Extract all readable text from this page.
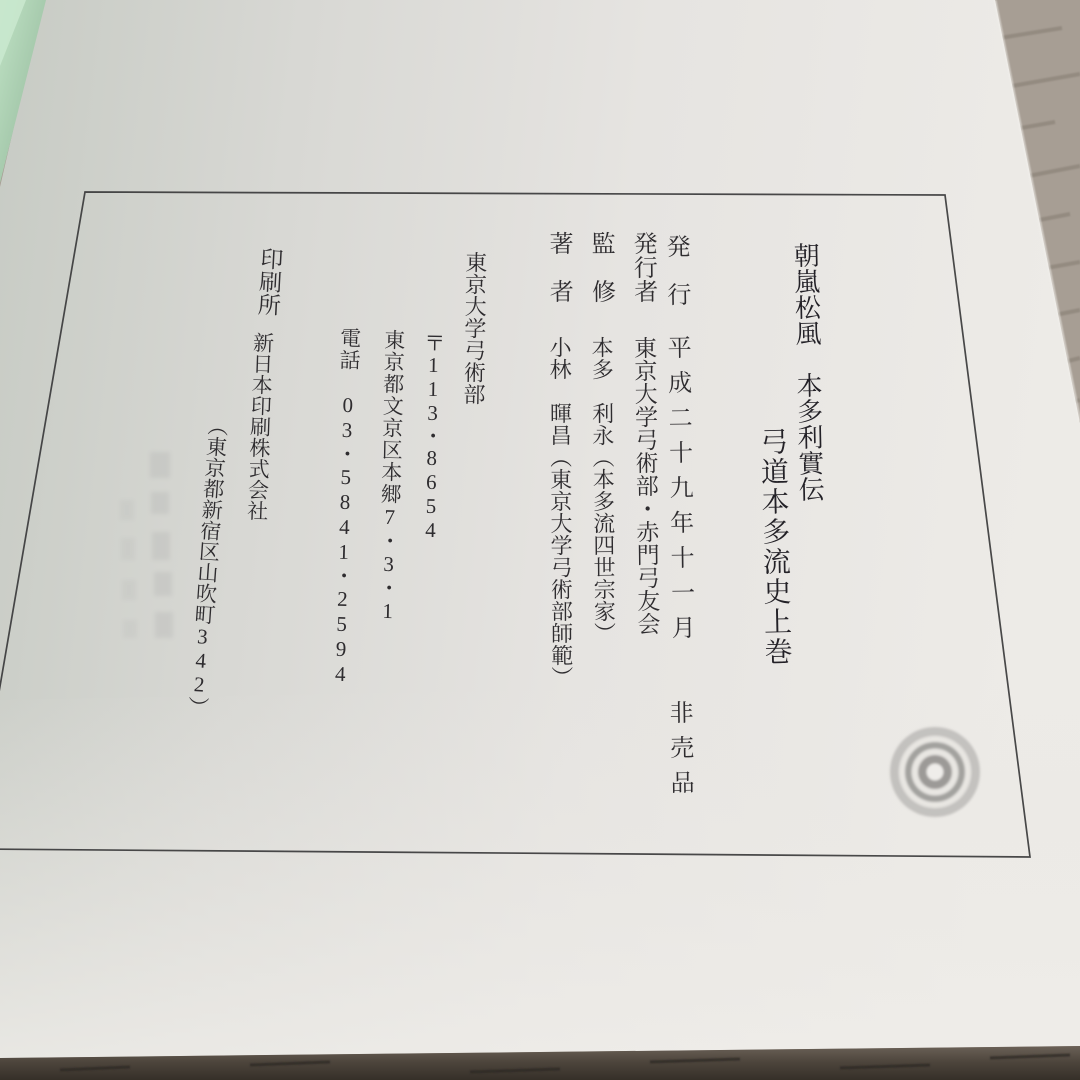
朝嵐松風　本多利實伝
弓道本多流史上巻
発　行
平成二十九年十一月
非売品
発行者
東京大学弓術部・赤門弓友会
監　修
本多　利永（本多流四世宗家）
著　者
小林　暉昌（東京大学弓術部師範）
東京大学弓術部
〒113・8654
東京都文京区本郷7・3・1
電話　03・5841・2594
印刷所
新日本印刷株式会社
（東京都新宿区山吹町342）
